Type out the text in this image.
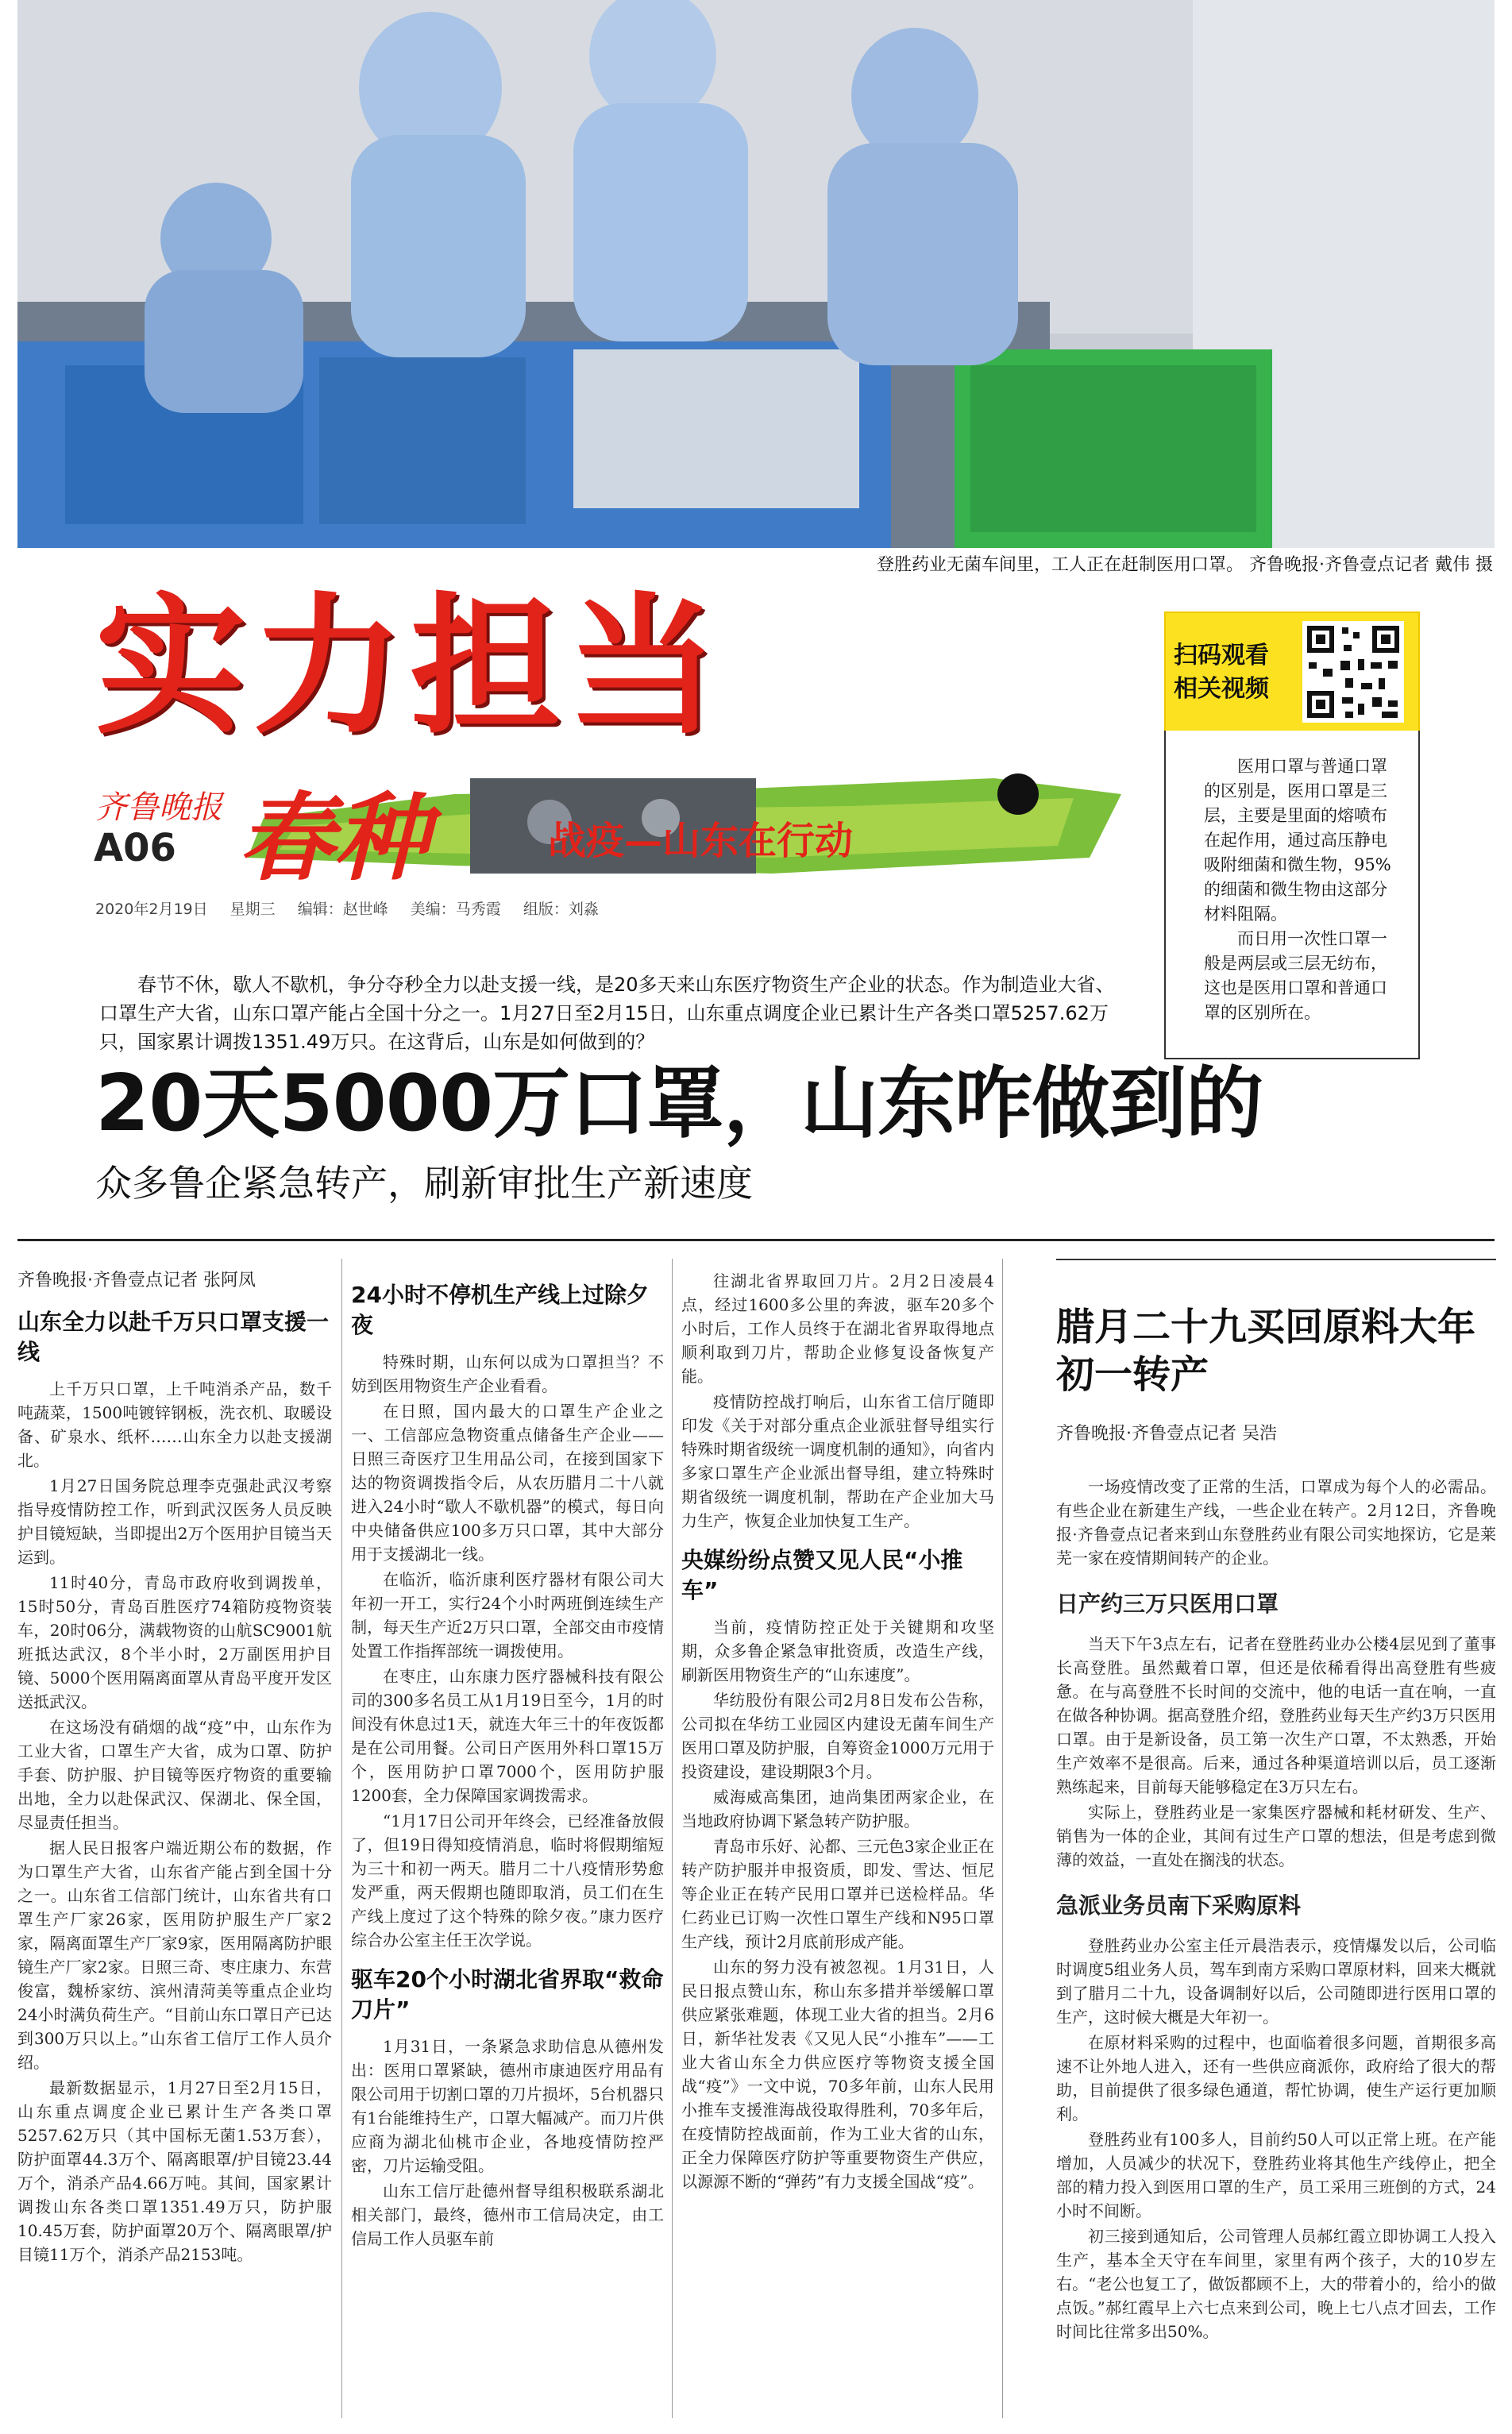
登胜药业无菌车间里，工人正在赶制医用口罩。 齐鲁晚报·齐鲁壹点记者 戴伟 摄
实力担当	扫码观看
相关视频
齐鲁晚报
A06 春种	战疫—山东在行动
2020年2月19日 星期三 编辑：赵世峰 美编：马秀霞 组版：刘淼

医用口罩与普通口罩的区别是，医用口罩是三层，主要是里面的熔喷布在起作用，通过高压静电吸附细菌和微生物，95%的细菌和微生物由这部分材料阻隔。

而日用一次性口罩一般是两层或三层无纺布，这也是医用口罩和普通口罩的区别所在。

春节不休，歇人不歇机，争分夺秒全力以赴支援一线，是20多天来山东医疗物资生产企业的状态。作为制造业大省、口罩生产大省，山东口罩产能占全国十分之一。1月27日至2月15日，山东重点调度企业已累计生产各类口罩5257.62万只，国家累计调拨1351.49万只。在这背后，山东是如何做到的？
20天5000万口罩，山东咋做到的
众多鲁企紧急转产，刷新审批生产新速度

齐鲁晚报·齐鲁壹点记者 张阿凤

山东全力以赴千万只口罩支援一线

上千万只口罩，上千吨消杀产品，数千吨蔬菜，1500吨镀锌钢板，洗衣机、取暖设备、矿泉水、纸杯……山东全力以赴支援湖北。

1月27日国务院总理李克强赴武汉考察指导疫情防控工作，听到武汉医务人员反映护目镜短缺，当即提出2万个医用护目镜当天运到。

11时40分，青岛市政府收到调拨单，15时50分，青岛百胜医疗74箱防疫物资装车，20时06分，满载物资的山航SC9001航班抵达武汉，8个半小时，2万副医用护目镜、5000个医用隔离面罩从青岛平度开发区送抵武汉。

在这场没有硝烟的战“疫”中，山东作为工业大省，口罩生产大省，成为口罩、防护手套、防护服、护目镜等医疗物资的重要输出地，全力以赴保武汉、保湖北、保全国，尽显责任担当。

据人民日报客户端近期公布的数据，作为口罩生产大省，山东省产能占到全国十分之一。山东省工信部门统计，山东省共有口罩生产厂家26家，医用防护服生产厂家2家，隔离面罩生产厂家9家，医用隔离防护眼镜生产厂家2家。日照三奇、枣庄康力、东营俊富，魏桥家纺、滨州清菏美等重点企业均24小时满负荷生产。“目前山东口罩日产已达到300万只以上。”山东省工信厅工作人员介绍。

最新数据显示，1月27日至2月15日，山东重点调度企业已累计生产各类口罩5257.62万只（其中国标无菌1.53万套），防护面罩44.3万个、隔离眼罩/护目镜23.44万个，消杀产品4.66万吨。其间，国家累计调拨山东各类口罩1351.49万只，防护服10.45万套，防护面罩20万个、隔离眼罩/护目镜11万个，消杀产品2153吨。

24小时不停机生产线上过除夕夜

特殊时期，山东何以成为口罩担当？不妨到医用物资生产企业看看。

在日照，国内最大的口罩生产企业之一、工信部应急物资重点储备生产企业——日照三奇医疗卫生用品公司，在接到国家下达的物资调拨指令后，从农历腊月二十八就进入24小时“歇人不歇机器”的模式，每日向中央储备供应100多万只口罩，其中大部分用于支援湖北一线。

在临沂，临沂康利医疗器材有限公司大年初一开工，实行24个小时两班倒连续生产制，每天生产近2万只口罩，全部交由市疫情处置工作指挥部统一调拨使用。

在枣庄，山东康力医疗器械科技有限公司的300多名员工从1月19日至今，1月的时间没有休息过1天，就连大年三十的年夜饭都是在公司用餐。公司日产医用外科口罩15万个，医用防护口罩7000个，医用防护服1200套，全力保障国家调拨需求。

“1月17日公司开年终会，已经准备放假了，但19日得知疫情消息，临时将假期缩短为三十和初一两天。腊月二十八疫情形势愈发严重，两天假期也随即取消，员工们在生产线上度过了这个特殊的除夕夜。”康力医疗综合办公室主任王次学说。

驱车20个小时湖北省界取“救命刀片”

1月31日，一条紧急求助信息从德州发出：医用口罩紧缺，德州市康迪医疗用品有限公司用于切割口罩的刀片损坏，5台机器只有1台能维持生产，口罩大幅减产。而刀片供应商为湖北仙桃市企业，各地疫情防控严密，刀片运输受阻。

山东工信厅赴德州督导组积极联系湖北相关部门，最终，德州市工信局决定，由工信局工作人员驱车前

往湖北省界取回刀片。2月2日凌晨4点，经过1600多公里的奔波，驱车20多个小时后，工作人员终于在湖北省界取得地点顺利取到刀片，帮助企业修复设备恢复产能。

疫情防控战打响后，山东省工信厅随即印发《关于对部分重点企业派驻督导组实行特殊时期省级统一调度机制的通知》，向省内多家口罩生产企业派出督导组，建立特殊时期省级统一调度机制，帮助在产企业加大马力生产，恢复企业加快复工生产。

央媒纷纷点赞又见人民“小推车”

当前，疫情防控正处于关键期和攻坚期，众多鲁企紧急审批资质，改造生产线，刷新医用物资生产的“山东速度”。

华纺股份有限公司2月8日发布公告称，公司拟在华纺工业园区内建设无菌车间生产医用口罩及防护服，自筹资金1000万元用于投资建设，建设期限3个月。

威海威高集团，迪尚集团两家企业，在当地政府协调下紧急转产防护服。

青岛市乐好、沁都、三元色3家企业正在转产防护服并申报资质，即发、雪达、恒尼等企业正在转产民用口罩并已送检样品。华仁药业已订购一次性口罩生产线和N95口罩生产线，预计2月底前形成产能。

山东的努力没有被忽视。1月31日，人民日报点赞山东，称山东多措并举缓解口罩供应紧张难题，体现工业大省的担当。2月6日，新华社发表《又见人民“小推车”——工业大省山东全力供应医疗等物资支援全国战“疫”》一文中说，70多年前，山东人民用小推车支援淮海战役取得胜利，70多年后，在疫情防控战面前，作为工业大省的山东，正全力保障医疗防护等重要物资生产供应，以源源不断的“弹药”有力支援全国战“疫”。

腊月二十九买回原料大年初一转产

齐鲁晚报·齐鲁壹点记者 吴浩

一场疫情改变了正常的生活，口罩成为每个人的必需品。有些企业在新建生产线，一些企业在转产。2月12日，齐鲁晚报·齐鲁壹点记者来到山东登胜药业有限公司实地探访，它是莱芜一家在疫情期间转产的企业。

日产约三万只医用口罩

当天下午3点左右，记者在登胜药业办公楼4层见到了董事长高登胜。虽然戴着口罩，但还是依稀看得出高登胜有些疲惫。在与高登胜不长时间的交流中，他的电话一直在响，一直在做各种协调。据高登胜介绍，登胜药业每天生产约3万只医用口罩。由于是新设备，员工第一次生产口罩，不太熟悉，开始生产效率不是很高。后来，通过各种渠道培训以后，员工逐渐熟练起来，目前每天能够稳定在3万只左右。

实际上，登胜药业是一家集医疗器械和耗材研发、生产、销售为一体的企业，其间有过生产口罩的想法，但是考虑到微薄的效益，一直处在搁浅的状态。

急派业务员南下采购原料

登胜药业办公室主任亓晨浩表示，疫情爆发以后，公司临时调度5组业务人员，驾车到南方采购口罩原材料，回来大概就到了腊月二十九，设备调制好以后，公司随即进行医用口罩的生产，这时候大概是大年初一。

在原材料采购的过程中，也面临着很多问题，首期很多高速不让外地人进入，还有一些供应商派你，政府给了很大的帮助，目前提供了很多绿色通道，帮忙协调，使生产运行更加顺利。

登胜药业有100多人，目前约50人可以正常上班。在产能增加，人员减少的状况下，登胜药业将其他生产线停止，把全部的精力投入到医用口罩的生产，员工采用三班倒的方式，24小时不间断。

初三接到通知后，公司管理人员郝红霞立即协调工人投入生产，基本全天守在车间里，家里有两个孩子，大的10岁左右。“老公也复工了，做饭都顾不上，大的带着小的，给小的做点饭。”郝红霞早上六七点来到公司，晚上七八点才回去，工作时间比往常多出50%。
